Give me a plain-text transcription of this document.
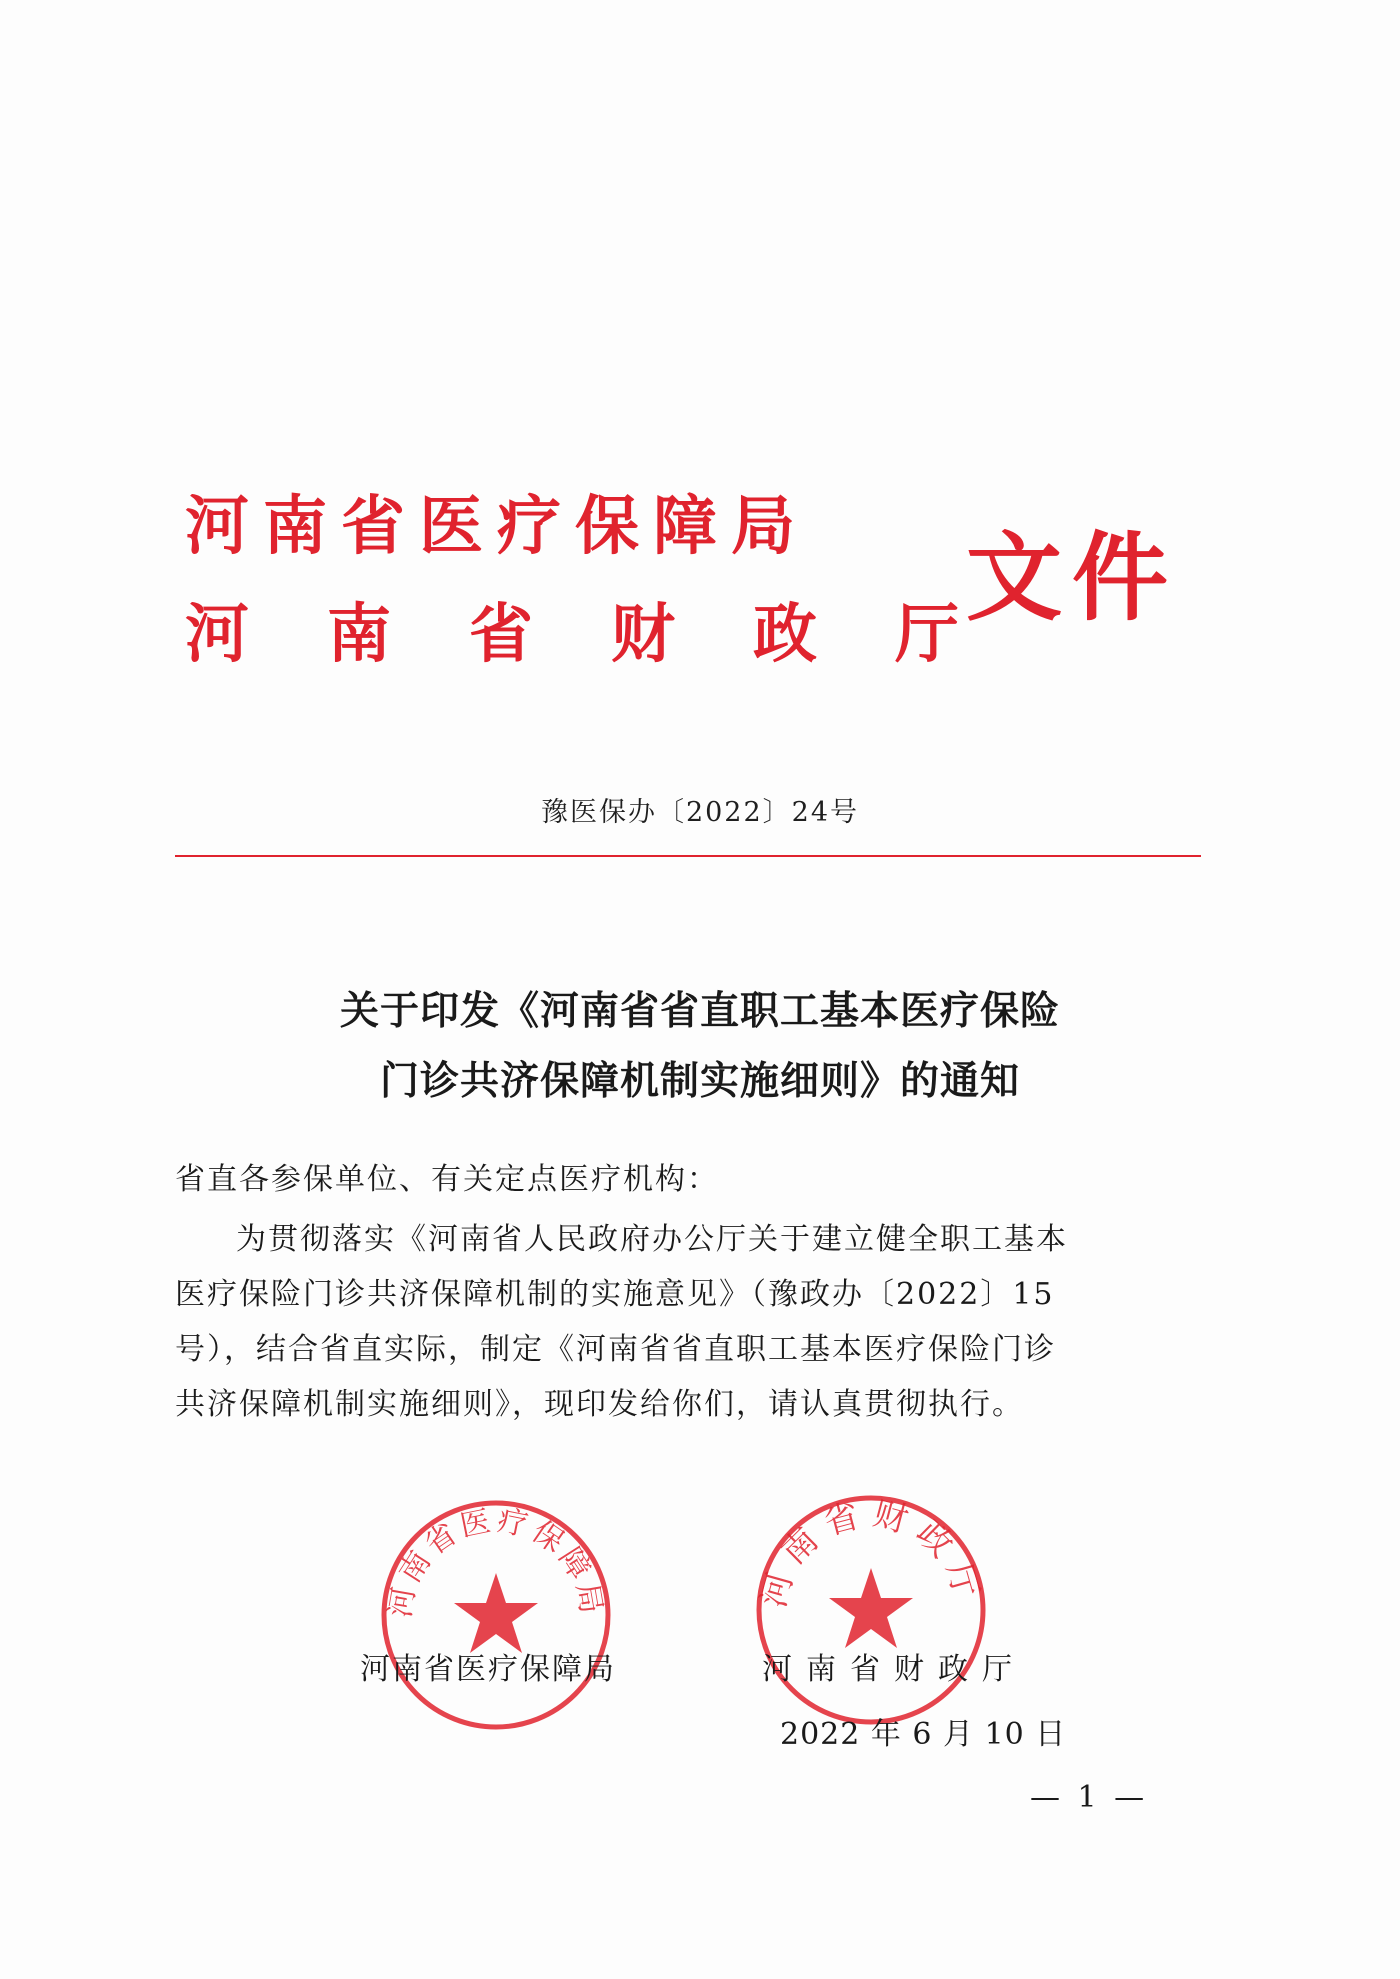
河南省医疗保障局
河南省财政厅
文件
豫医保办〔2022〕24号
关于印发《河南省省直职工基本医疗保险
门诊共济保障机制实施细则》的通知
省直各参保单位、有关定点医疗机构：
为贯彻落实《河南省人民政府办公厅关于建立健全职工基本
医疗保险门诊共济保障机制的实施意见》（豫政办〔2022〕15
号），结合省直实际，制定《河南省省直职工基本医疗保险门诊
共济保障机制实施细则》，现印发给你们，请认真贯彻执行。
河南省医疗保障局	河南省财政厅
河南省医疗保障局	河南省财政厅
2022 年 6 月 10 日
— 1 —
